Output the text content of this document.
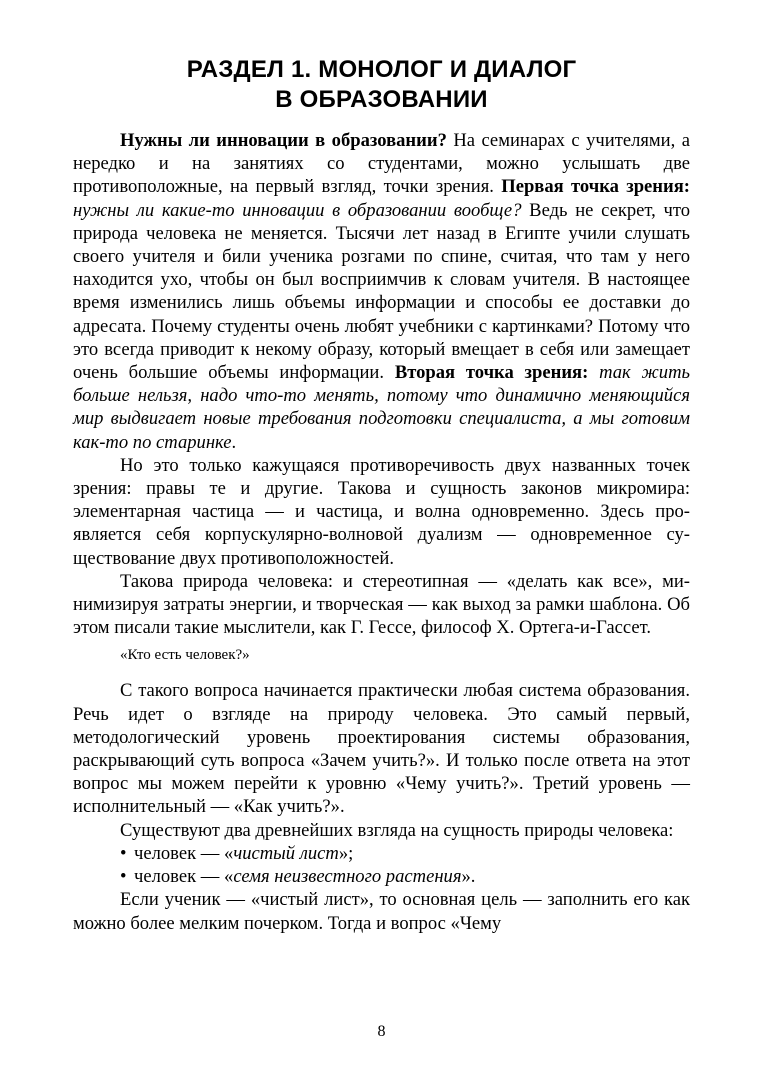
РАЗДЕЛ 1. МОНОЛОГ И ДИАЛОГ
В ОБРАЗОВАНИИ

Нужны ли инновации в образовании? На семинарах с учителями, а нередко и на занятиях со студентами, можно услышать две противоположные, на первый взгляд, точки зрения. Первая точка зрения: нужны ли какие-то инновации в образовании вообще? Ведь не секрет, что природа человека не меняется. Тысячи лет назад в Египте учили слушать своего учителя и били ученика розгами по спине, считая, что там у него находится ухо, чтобы он был восприимчив к словам учителя. В настоящее время изменились лишь объемы информации и способы ее доставки до адресата. Почему студенты очень любят учебники с картинками? Потому что это всегда приводит к некому образу, который вмещает в себя или замещает очень большие объемы информации. Вторая точка зрения: так жить больше нельзя, надо что-то менять, потому что динамично меняющийся мир выдвигает новые требования подготовки специалиста, а мы готовим как-то по старинке.

Но это только кажущаяся противоречивость двух названных точек зрения: правы те и другие. Такова и сущность законов микромира: элементарная частица — и частица, и волна одновременно. Здесь проявляется себя корпускулярно-волновой дуализм — одновременное существование двух противоположностей.

Такова природа человека: и стереотипная — «делать как все», минимизируя затраты энергии, и творческая — как выход за рамки шаблона. Об этом писали такие мыслители, как Г. Гессе, философ Х. Ортега-и-Гассет.

«Кто есть человек?»

С такого вопроса начинается практически любая система образования. Речь идет о взгляде на природу человека. Это самый первый, методологический уровень проектирования системы образования, раскрывающий суть вопроса «Зачем учить?». И только после ответа на этот вопрос мы можем перейти к уровню «Чему учить?». Третий уровень — исполнительный — «Как учить?».

Существуют два древнейших взгляда на сущность природы человека:

• человек — «чистый лист»;

• человек — «семя неизвестного растения».

Если ученик — «чистый лист», то основная цель — заполнить его как можно более мелким почерком. Тогда и вопрос «Чему

8
